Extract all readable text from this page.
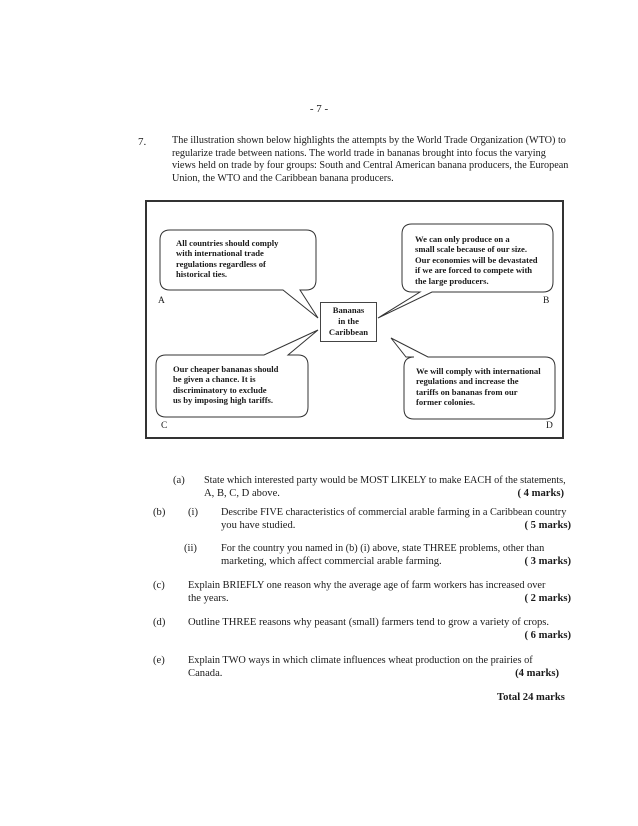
- 7 -
7.	The illustration shown below highlights the attempts by the World Trade Organization (WTO) to regularize trade between nations. The world trade in bananas brought into focus the varying views held on trade by four groups: South and Central American banana producers, the European Union, the WTO and the Caribbean banana producers.
Bananas
in the
Caribbean
All countries should comply
with international trade
regulations regardless of
historical ties.
We can only produce on a
small scale because of our size.
Our economies will be devastated
if we are forced to compete with
the large producers.
Our cheaper bananas should
be given a chance. It is
discriminatory to exclude
us by imposing high tariffs.
We will comply with international
regulations and increase the
tariffs on bananas from our
former colonies.
A	B
C	D
(a) State which interested party would be MOST LIKELY to make EACH of the statements,
A, B, C, D above.	( 4 marks)
(b) (i) Describe FIVE characteristics of commercial arable farming in a Caribbean country
you have studied.	( 5 marks)
(ii) For the country you named in (b) (i) above, state THREE problems, other than
marketing, which affect commercial arable farming.	( 3 marks)
(c) Explain BRIEFLY one reason why the average age of farm workers has increased over
the years.	( 2 marks)
(d) Outline THREE reasons why peasant (small) farmers tend to grow a variety of crops.
( 6 marks)
(e) Explain TWO ways in which climate influences wheat production on the prairies of
Canada.	(4 marks)
Total 24 marks
